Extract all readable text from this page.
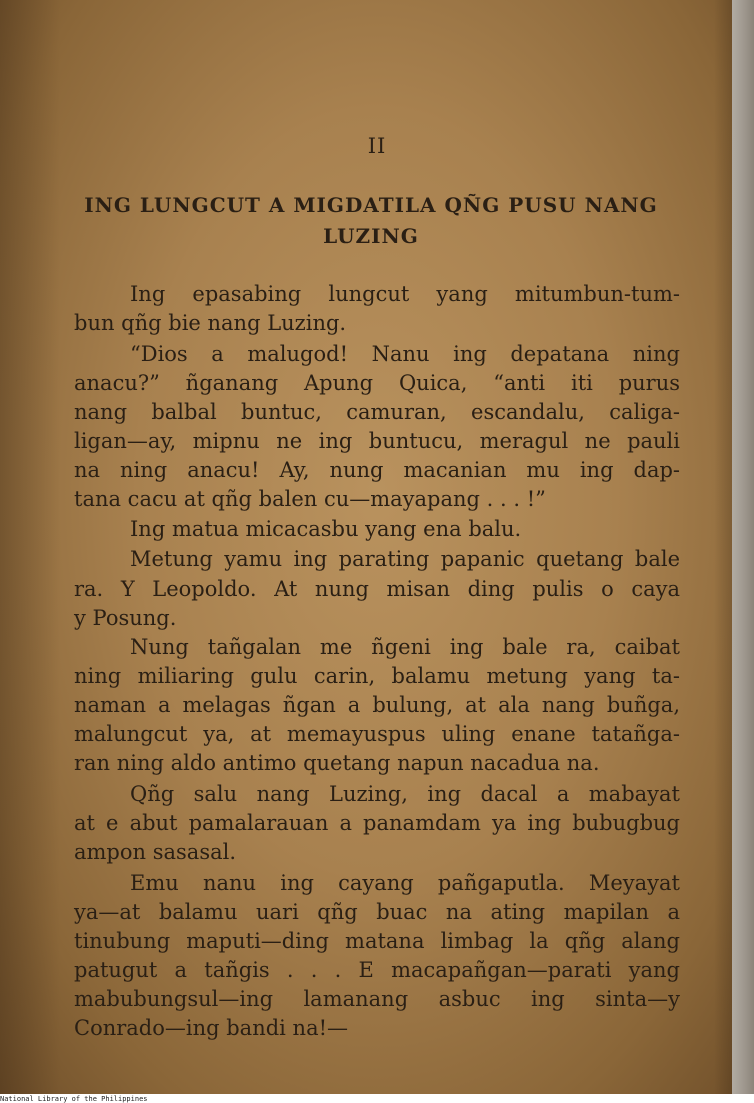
II
ING LUNGCUT A MIGDATILA QÑG PUSU NANG
LUZING
Ing epasabing lungcut yang mitumbun-tum-
bun qñg bie nang Luzing.
“Dios a malugod! Nanu ing depatana ning
anacu?” ñganang Apung Quica, “anti iti purus
nang balbal buntuc, camuran, escandalu, caliga-
ligan—ay, mipnu ne ing buntucu, meragul ne pauli
na ning anacu! Ay, nung macanian mu ing dap-
tana cacu at qñg balen cu—mayapang . . . !”
Ing matua micacasbu yang ena balu.
Metung yamu ing parating papanic quetang bale
ra. Y Leopoldo. At nung misan ding pulis o caya
y Posung.
Nung tañgalan me ñgeni ing bale ra, caibat
ning miliaring gulu carin, balamu metung yang ta-
naman a melagas ñgan a bulung, at ala nang buñga,
malungcut ya, at memayuspus uling enane tatañga-
ran ning aldo antimo quetang napun nacadua na.
Qñg salu nang Luzing, ing dacal a mabayat
at e abut pamalarauan a panamdam ya ing bubugbug
ampon sasasal.
Emu nanu ing cayang pañgaputla. Meyayat
ya—at balamu uari qñg buac na ating mapilan a
tinubung maputi—ding matana limbag la qñg alang
patugut a tañgis . . . E macapañgan—parati yang
mabubungsul—ing lamanang asbuc ing sinta—y
Conrado—ing bandi na!—
National Library of the Philippines
